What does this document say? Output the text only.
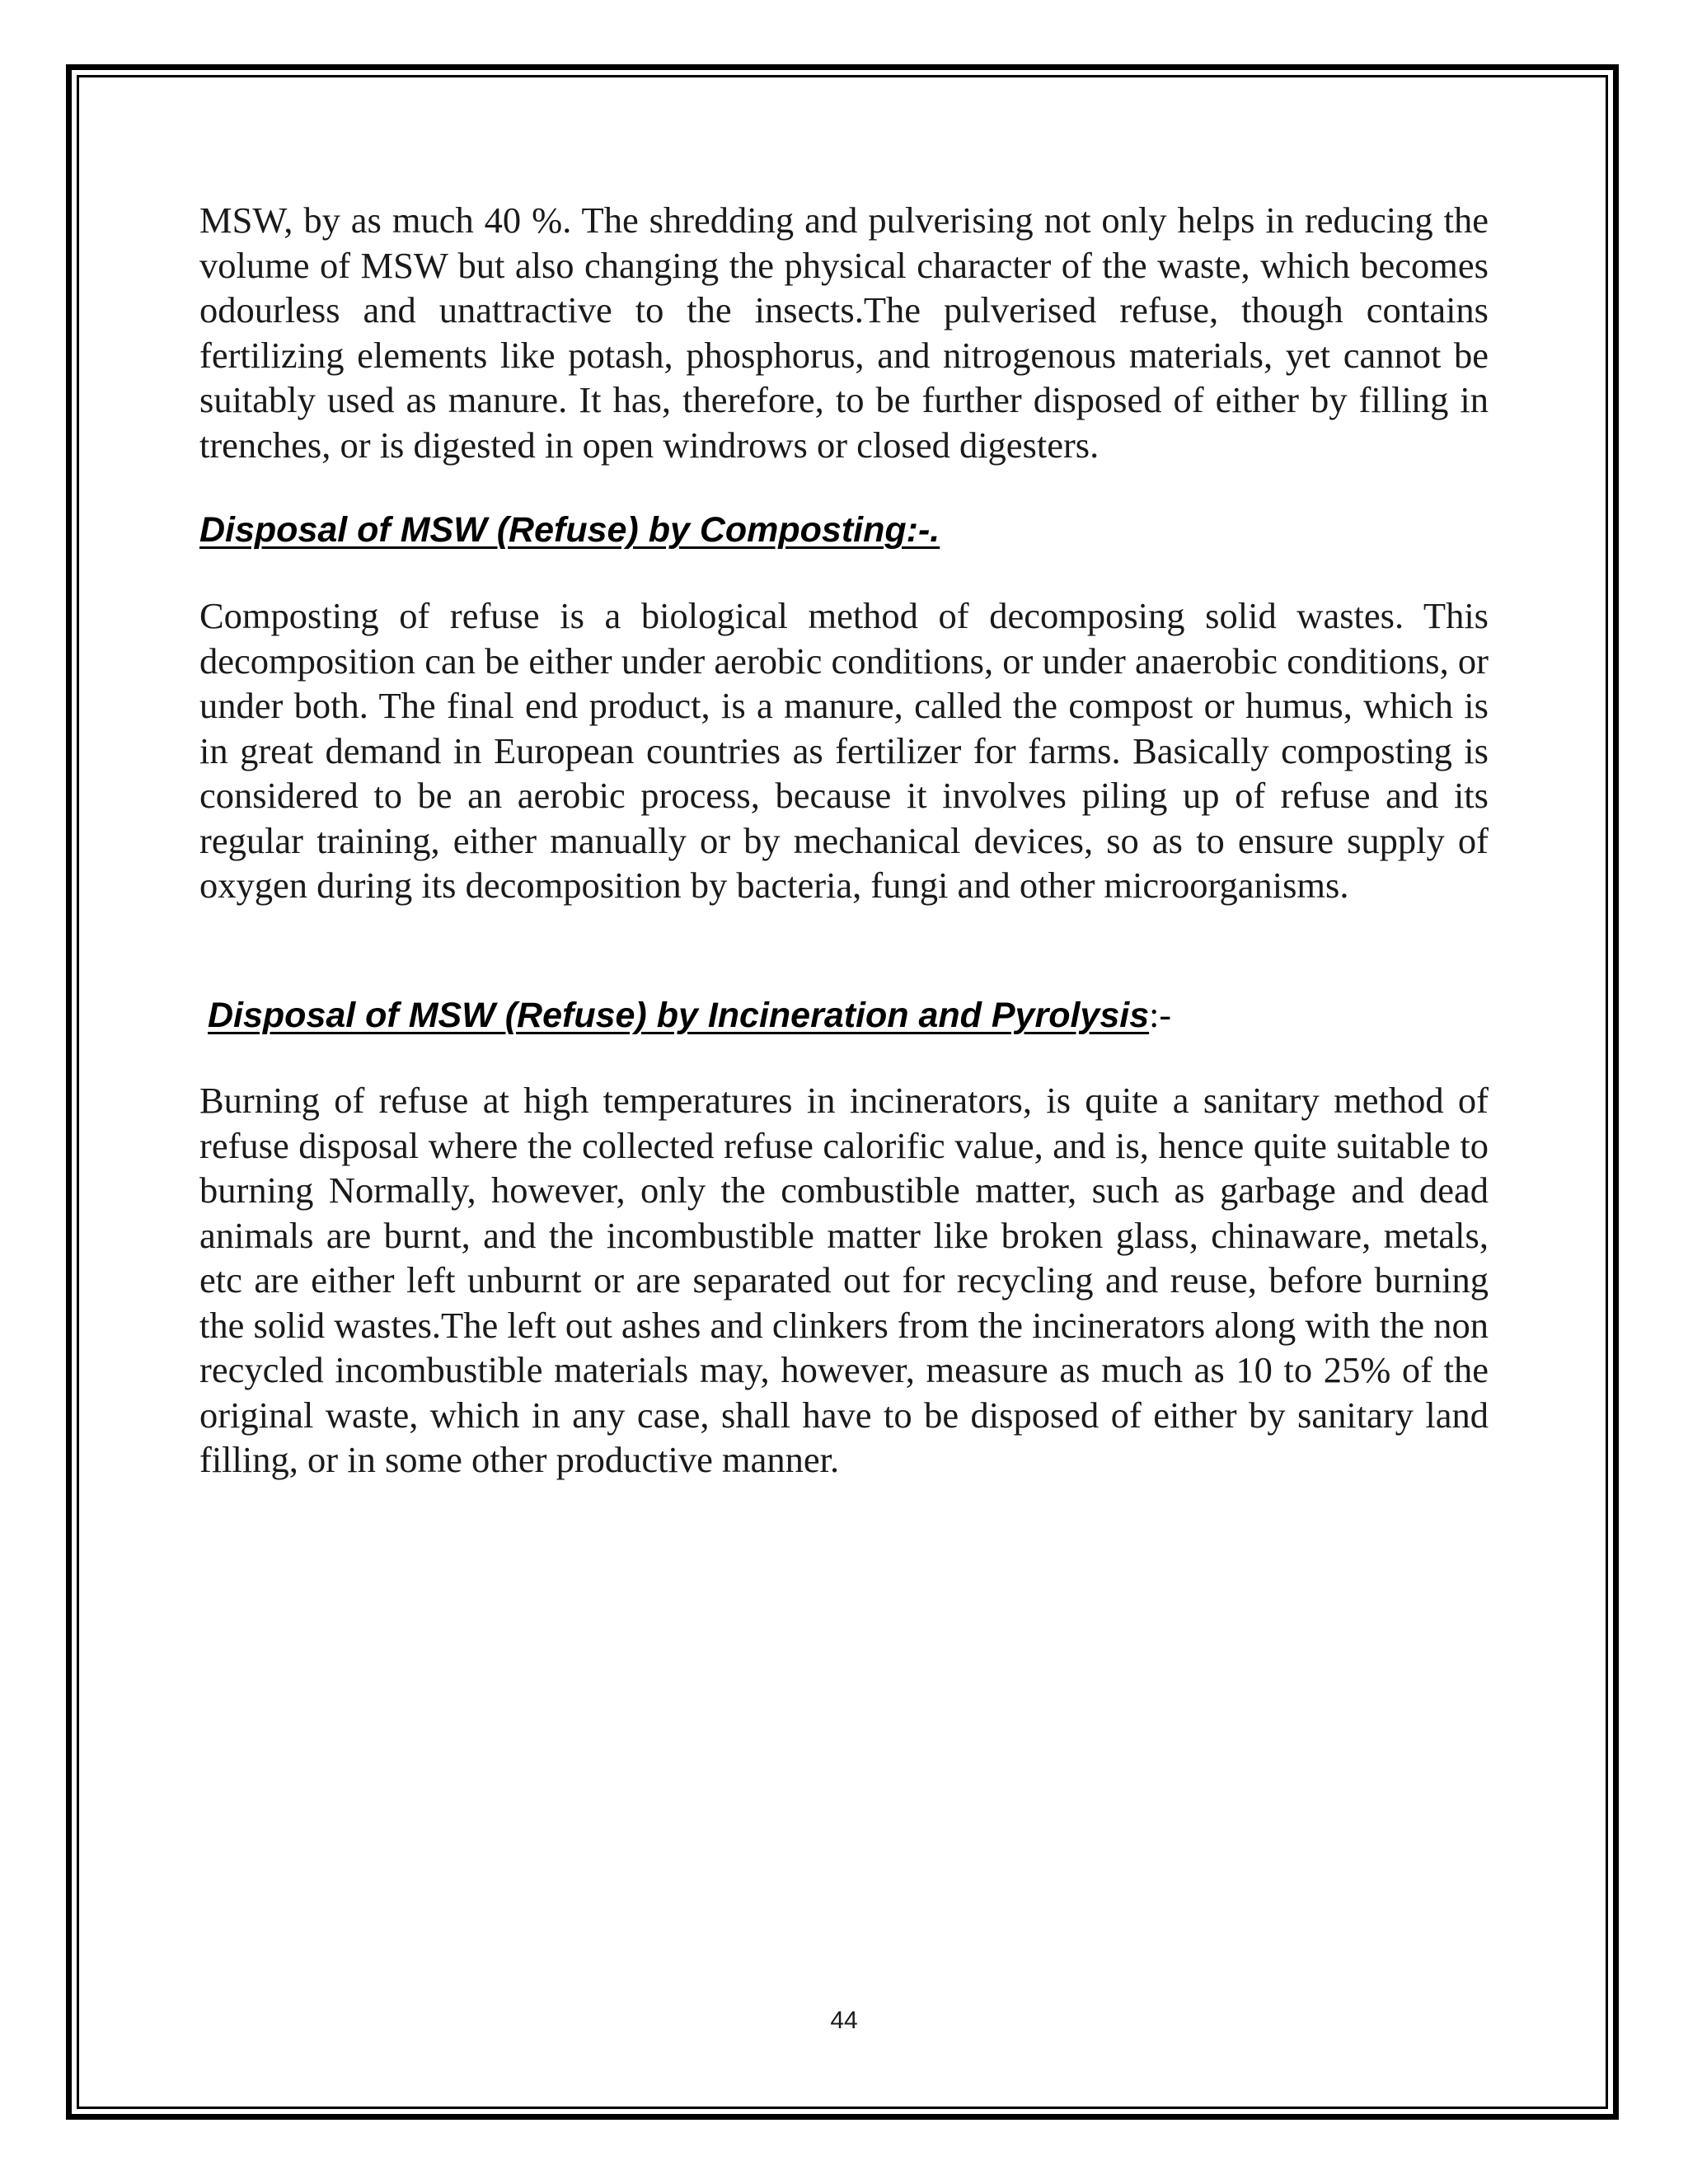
MSW, by as much 40 %. The shredding and pulverising not only helps in reducing the volume of MSW but also changing the physical character of the waste, which becomes odourless and unattractive to the insects.The pulverised refuse, though contains fertilizing elements like potash, phosphorus, and nitrogenous materials, yet cannot be suitably used as manure. It has, therefore, to be further disposed of either by filling in trenches, or is digested in open windrows or closed digesters.

Disposal of MSW (Refuse) by Composting:-.

Composting of refuse is a biological method of decomposing solid wastes. This decomposition can be either under aerobic conditions, or under anaerobic conditions, or under both. The final end product, is a manure, called the compost or humus, which is in great demand in European countries as fertilizer for farms. Basically composting is considered to be an aerobic process, because it involves piling up of refuse and its regular training, either manually or by mechanical devices, so as to ensure supply of oxygen during its decomposition by bacteria, fungi and other microorganisms.

Disposal of MSW (Refuse) by Incineration and Pyrolysis:-

Burning of refuse at high temperatures in incinerators, is quite a sanitary method of refuse disposal where the collected refuse calorific value, and is, hence quite suitable to burning Normally, however, only the combustible matter, such as garbage and dead animals are burnt, and the incombustible matter like broken glass, chinaware, metals, etc are either left unburnt or are separated out for recycling and reuse, before burning the solid wastes.The left out ashes and clinkers from the incinerators along with the non recycled incombustible materials may, however, measure as much as 10 to 25% of the original waste, which in any case, shall have to be disposed of either by sanitary land filling, or in some other productive manner.

44
